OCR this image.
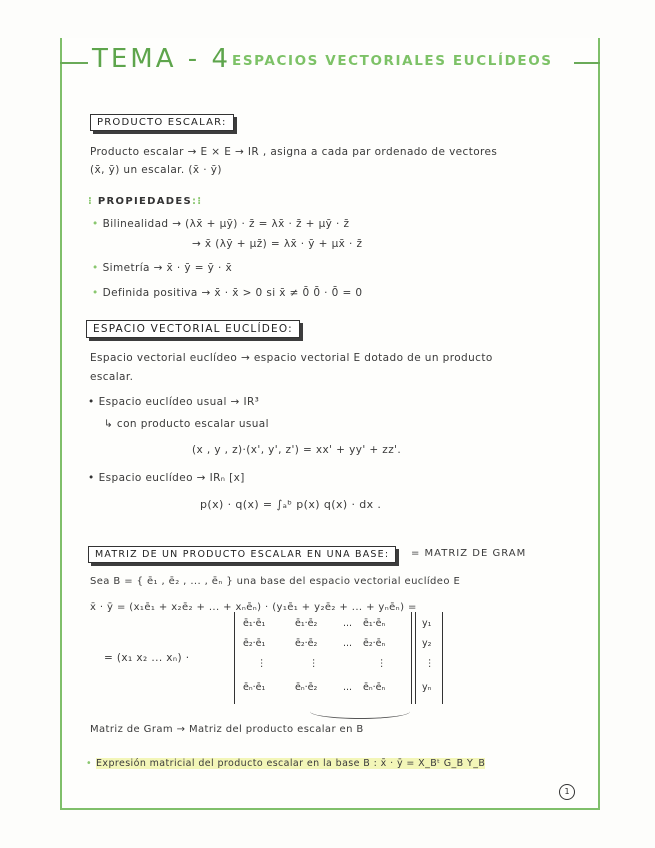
TEMA - 4 ESPACIOS VECTORIALES EUCLÍDEOS
PRODUCTO ESCALAR:
Producto escalar → E × E → IR , asigna a cada par ordenado de vectores
(x̄, ȳ) un escalar. (x̄ · ȳ)
⁝ PROPIEDADES:⁝
• Bilinealidad → (λx̄ + μȳ) · z̄ = λx̄ · z̄ + μȳ · z̄
→ x̄ (λȳ + μz̄) = λx̄ · ȳ + μx̄ · z̄
• Simetría → x̄ · ȳ = ȳ · x̄
• Definida positiva → x̄ · x̄ > 0 si x̄ ≠ 0̄ 0̄ · 0̄ = 0
ESPACIO VECTORIAL EUCLÍDEO:
Espacio vectorial euclídeo → espacio vectorial E dotado de un producto
escalar.
• Espacio euclídeo usual → IR³
↳ con producto escalar usual
(x , y , z)·(x', y', z') = xx' + yy' + zz'.
• Espacio euclídeo → IRₙ [x]
p(x) · q(x) = ∫ₐᵇ p(x) q(x) · dx .
MATRIZ DE UN PRODUCTO ESCALAR EN UNA BASE:	= MATRIZ DE GRAM
Sea B = { ē₁ , ē₂ , ... , ēₙ } una base del espacio vectorial euclídeo E
x̄ · ȳ = (x₁ē₁ + x₂ē₂ + ... + xₙēₙ) · (y₁ē₁ + y₂ē₂ + ... + yₙēₙ) =
= (x₁ x₂ ... xₙ) ·
ē₁·ē₁	ē₁·ē₂	... ē₁·ēₙ
ē₂·ē₁	ē₂·ē₂	... ē₂·ēₙ
⋮	⋮	⋮
ēₙ·ē₁	ēₙ·ē₂	... ēₙ·ēₙ
y₁
y₂
⋮
yₙ
Matriz de Gram → Matriz del producto escalar en B
• Expresión matricial del producto escalar en la base B : x̄ · ȳ = X_Bᵗ G_B Y_B
1
